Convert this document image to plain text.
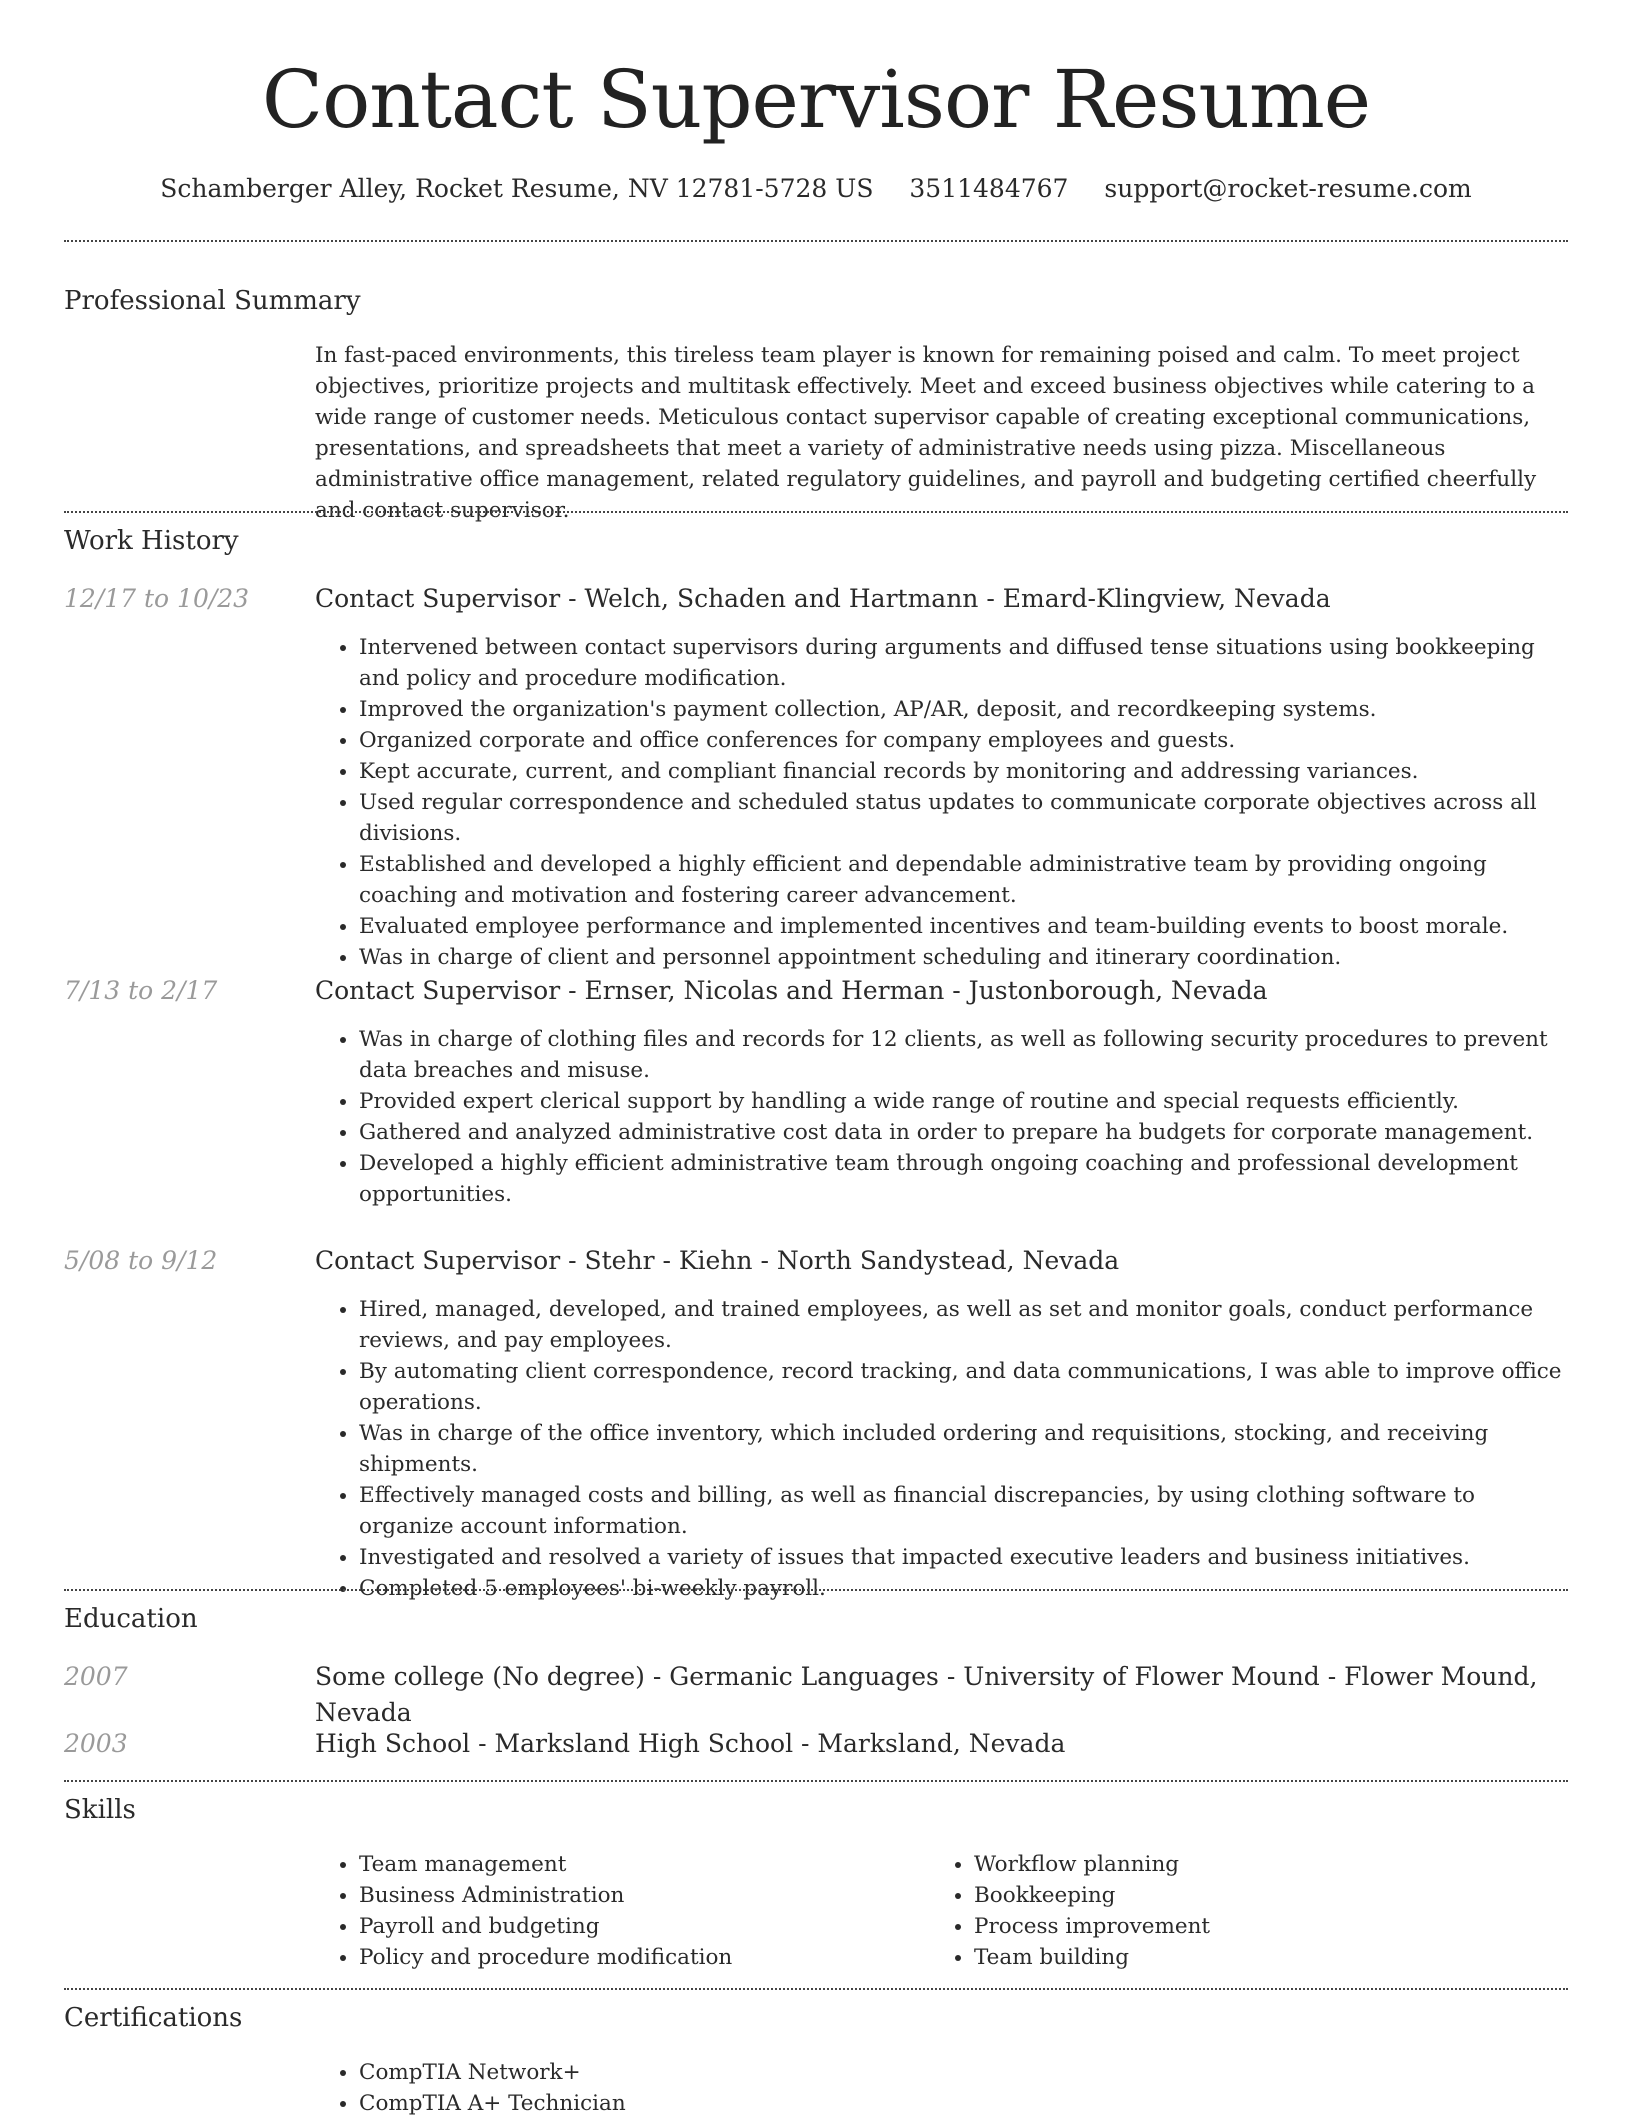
Contact Supervisor Resume
Schamberger Alley, Rocket Resume, NV 12781-5728 US 3511484767 support@rocket-resume.com
Professional Summary

In fast-paced environments, this tireless team player is known for remaining poised and calm. To meet project objectives, prioritize projects and multitask effectively. Meet and exceed business objectives while catering to a wide range of customer needs. Meticulous contact supervisor capable of creating exceptional communications, presentations, and spreadsheets that meet a variety of administrative needs using pizza. Miscellaneous administrative office management, related regulatory guidelines, and payroll and budgeting certified cheerfully and contact supervisor.

Work History
12/17 to 10/23	Contact Supervisor - Welch, Schaden and Hartmann - Emard-Klingview, Nevada
• Intervened between contact supervisors during arguments and diffused tense situations using bookkeeping and policy and procedure modification.
• Improved the organization's payment collection, AP/AR, deposit, and recordkeeping systems.
• Organized corporate and office conferences for company employees and guests.
• Kept accurate, current, and compliant financial records by monitoring and addressing variances.
• Used regular correspondence and scheduled status updates to communicate corporate objectives across all divisions.
• Established and developed a highly efficient and dependable administrative team by providing ongoing coaching and motivation and fostering career advancement.
• Evaluated employee performance and implemented incentives and team-building events to boost morale.
• Was in charge of client and personnel appointment scheduling and itinerary coordination.
7/13 to 2/17	Contact Supervisor - Ernser, Nicolas and Herman - Justonborough, Nevada
• Was in charge of clothing files and records for 12 clients, as well as following security procedures to prevent data breaches and misuse.
• Provided expert clerical support by handling a wide range of routine and special requests efficiently.
• Gathered and analyzed administrative cost data in order to prepare ha budgets for corporate management.
• Developed a highly efficient administrative team through ongoing coaching and professional development opportunities.
5/08 to 9/12	Contact Supervisor - Stehr - Kiehn - North Sandystead, Nevada
• Hired, managed, developed, and trained employees, as well as set and monitor goals, conduct performance reviews, and pay employees.
• By automating client correspondence, record tracking, and data communications, I was able to improve office operations.
• Was in charge of the office inventory, which included ordering and requisitions, stocking, and receiving shipments.
• Effectively managed costs and billing, as well as financial discrepancies, by using clothing software to organize account information.
• Investigated and resolved a variety of issues that impacted executive leaders and business initiatives.
• Completed 5 employees' bi-weekly payroll.
Education
2007	Some college (No degree) - Germanic Languages - University of Flower Mound - Flower Mound, Nevada
2003	High School - Marksland High School - Marksland, Nevada
Skills
• Team management
• Business Administration
• Payroll and budgeting
• Policy and procedure modification
• Workflow planning
• Bookkeeping
• Process improvement
• Team building
Certifications
• CompTIA Network+
• CompTIA A+ Technician
